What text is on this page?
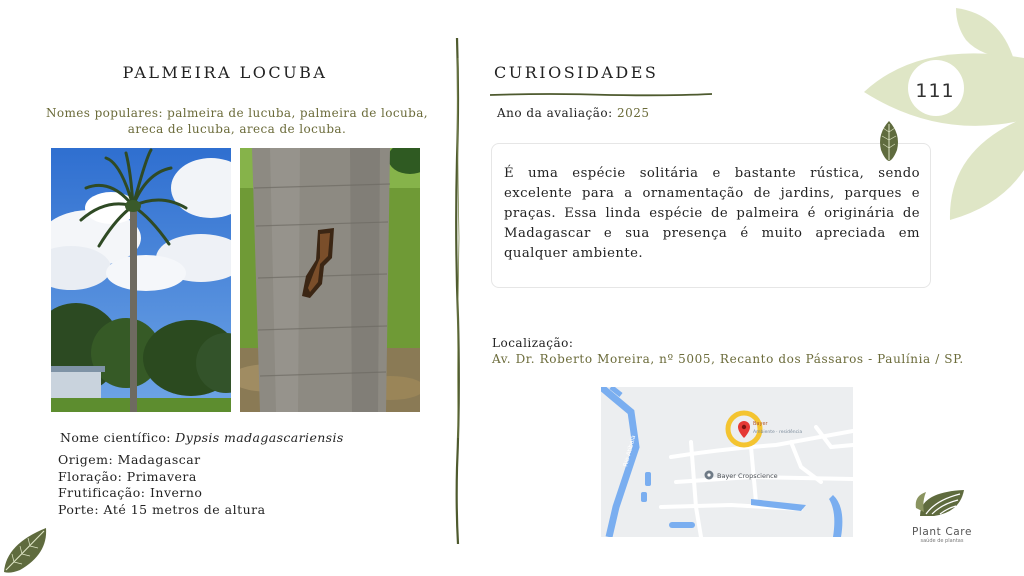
PALMEIRA LOCUBA
Nomes populares: palmeira de lucuba, palmeira de locuba, areca de lucuba, areca de locuba.
Nome científico: Dypsis madagascariensis
Origem: Madagascar
Floração: Primavera
Frutificação: Inverno
Porte: Até 15 metros de altura
CURIOSIDADES
Ano da avaliação: 2025

É uma espécie solitária e bastante rústica, sendo excelente para a ornamentação de jardins, parques e praças. Essa linda espécie de palmeira é originária de Madagascar e sua presença é muito apreciada em qualquer ambiente.

Localização:
Av. Dr. Roberto Moreira, nº 5005, Recanto dos Pássaros - Paulínia / SP.
Rio Atibaia
Bayer
Ambiente · residência
Bayer Cropscience
111
Plant Care
saúde de plantas
